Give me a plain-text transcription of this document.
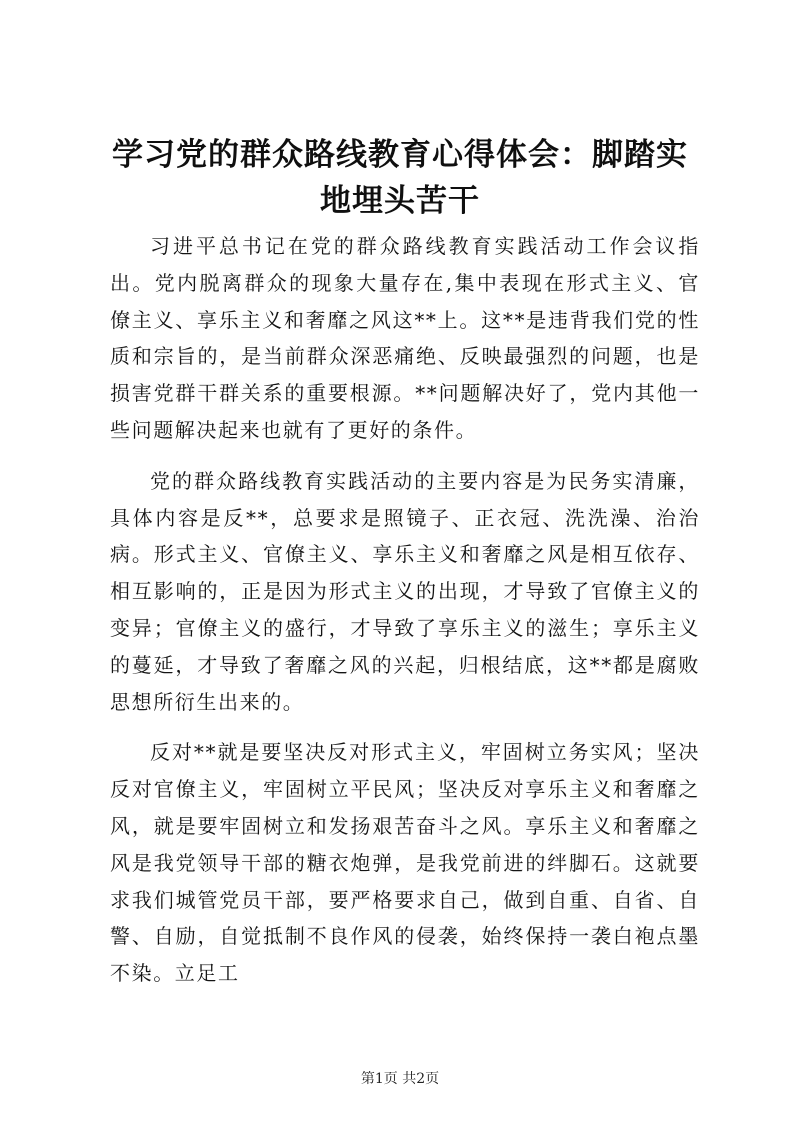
学习党的群众路线教育心得体会：脚踏实地埋头苦干

习进平总书记在党的群众路线教育实践活动工作会议指出。党内脱离群众的现象大量存在,集中表现在形式主义、官僚主义、享乐主义和奢靡之风这**上。这**是违背我们党的性质和宗旨的，是当前群众深恶痛绝、反映最强烈的问题，也是损害党群干群关系的重要根源。**问题解决好了，党内其他一些问题解决起来也就有了更好的条件。

党的群众路线教育实践活动的主要内容是为民务实清廉，具体内容是反**，总要求是照镜子、正衣冠、洗洗澡、治治病。形式主义、官僚主义、享乐主义和奢靡之风是相互依存、相互影响的，正是因为形式主义的出现，才导致了官僚主义的变异；官僚主义的盛行，才导致了享乐主义的滋生；享乐主义的蔓延，才导致了奢靡之风的兴起，归根结底，这**都是腐败思想所衍生出来的。

反对**就是要坚决反对形式主义，牢固树立务实风；坚决反对官僚主义，牢固树立平民风；坚决反对享乐主义和奢靡之风，就是要牢固树立和发扬艰苦奋斗之风。享乐主义和奢靡之风是我党领导干部的糖衣炮弹，是我党前进的绊脚石。这就要求我们城管党员干部，要严格要求自己，做到自重、自省、自警、自励，自觉抵制不良作风的侵袭，始终保持一袭白袍点墨不染。立足工

第1页 共2页
